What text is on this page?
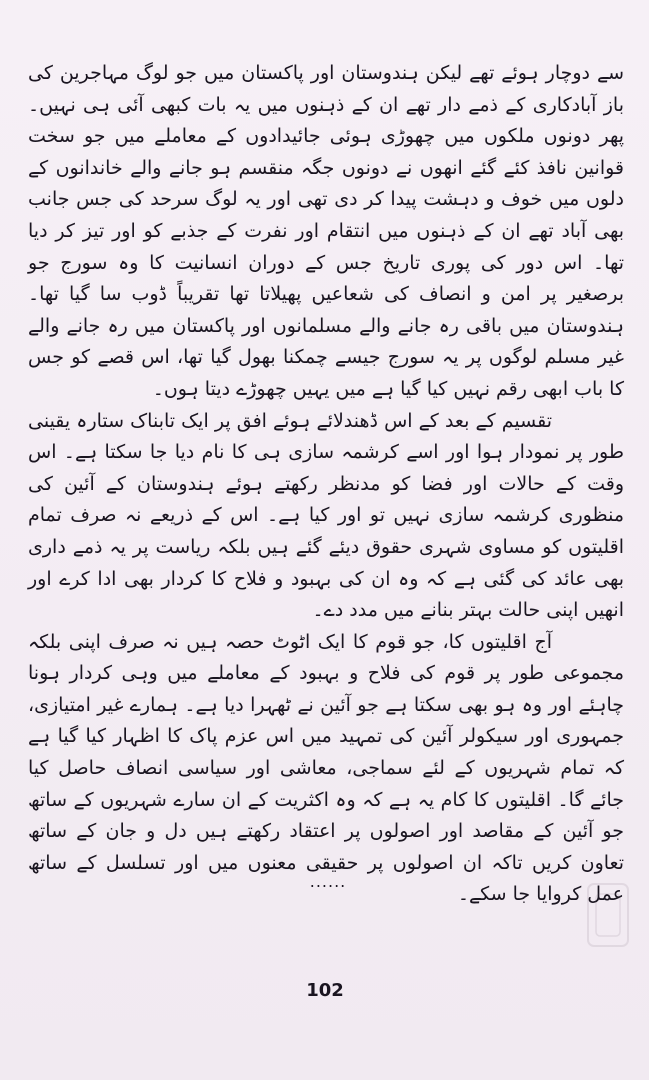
سے دوچار ہوئے تھے لیکن ہندوستان اور پاکستان میں جو لوگ مہاجرین کی باز آبادکاری کے ذمے دار تھے ان کے ذہنوں میں یہ بات کبھی آئی ہی نہیں۔ پھر دونوں ملکوں میں چھوڑی ہوئی جائیدادوں کے معاملے میں جو سخت قوانین نافذ کئے گئے انھوں نے دونوں جگہ منقسم ہو جانے والے خاندانوں کے دلوں میں خوف و دہشت پیدا کر دی تھی اور یہ لوگ سرحد کی جس جانب بھی آباد تھے ان کے ذہنوں میں انتقام اور نفرت کے جذبے کو اور تیز کر دیا تھا۔ اس دور کی پوری تاریخ جس کے دوران انسانیت کا وہ سورج جو برصغیر پر امن و انصاف کی شعاعیں پھیلاتا تھا تقریباً ڈوب سا گیا تھا۔ ہندوستان میں باقی رہ جانے والے مسلمانوں اور پاکستان میں رہ جانے والے غیر مسلم لوگوں پر یہ سورج جیسے چمکنا بھول گیا تھا، اس قصے کو جس کا باب ابھی رقم نہیں کیا گیا ہے میں یہیں چھوڑے دیتا ہوں۔

تقسیم کے بعد کے اس ڈھندلائے ہوئے افق پر ایک تابناک ستارہ یقینی طور پر نمودار ہوا اور اسے کرشمہ سازی ہی کا نام دیا جا سکتا ہے۔ اس وقت کے حالات اور فضا کو مدنظر رکھتے ہوئے ہندوستان کے آئین کی منظوری کرشمہ سازی نہیں تو اور کیا ہے۔ اس کے ذریعے نہ صرف تمام اقلیتوں کو مساوی شہری حقوق دیئے گئے ہیں بلکہ ریاست پر یہ ذمے داری بھی عائد کی گئی ہے کہ وہ ان کی بہبود و فلاح کا کردار بھی ادا کرے اور انھیں اپنی حالت بہتر بنانے میں مدد دے۔

آج اقلیتوں کا، جو قوم کا ایک اٹوٹ حصہ ہیں نہ صرف اپنی بلکہ مجموعی طور پر قوم کی فلاح و بہبود کے معاملے میں وہی کردار ہونا چاہئے اور وہ ہو بھی سکتا ہے جو آئین نے ٹھہرا دیا ہے۔ ہمارے غیر امتیازی، جمہوری اور سیکولر آئین کی تمہید میں اس عزم پاک کا اظہار کیا گیا ہے کہ تمام شہریوں کے لئے سماجی، معاشی اور سیاسی انصاف حاصل کیا جائے گا۔ اقلیتوں کا کام یہ ہے کہ وہ اکثریت کے ان سارے شہریوں کے ساتھ جو آئین کے مقاصد اور اصولوں پر اعتقاد رکھتے ہیں دل و جان کے ساتھ تعاون کریں تاکہ ان اصولوں پر حقیقی معنوں میں اور تسلسل کے ساتھ عمل کروایا جا سکے۔

......
102
